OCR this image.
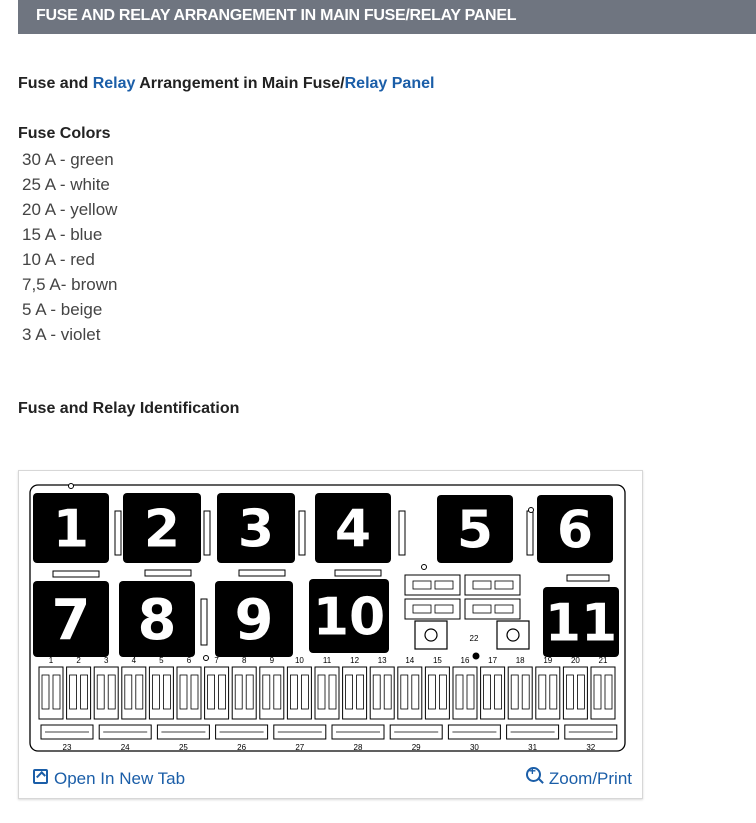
FUSE AND RELAY ARRANGEMENT IN MAIN FUSE/RELAY PANEL
Fuse and Relay Arrangement in Main Fuse/Relay Panel
Fuse Colors
30 A - green
25 A - white
20 A - yellow
15 A - blue
10 A - red
7,5 A- brown
5 A - beige
3 A - violet
Fuse and Relay Identification
1 2 3 4 5 6
7 8 9 10	11
22
1	2	3	4	5	6	7	8	9	10 11 12 13 14 15 16 17 18 19 20 21
23	24	25	26	27	28	29	30	31	32
Open In New Tab
+	Zoom/Print
